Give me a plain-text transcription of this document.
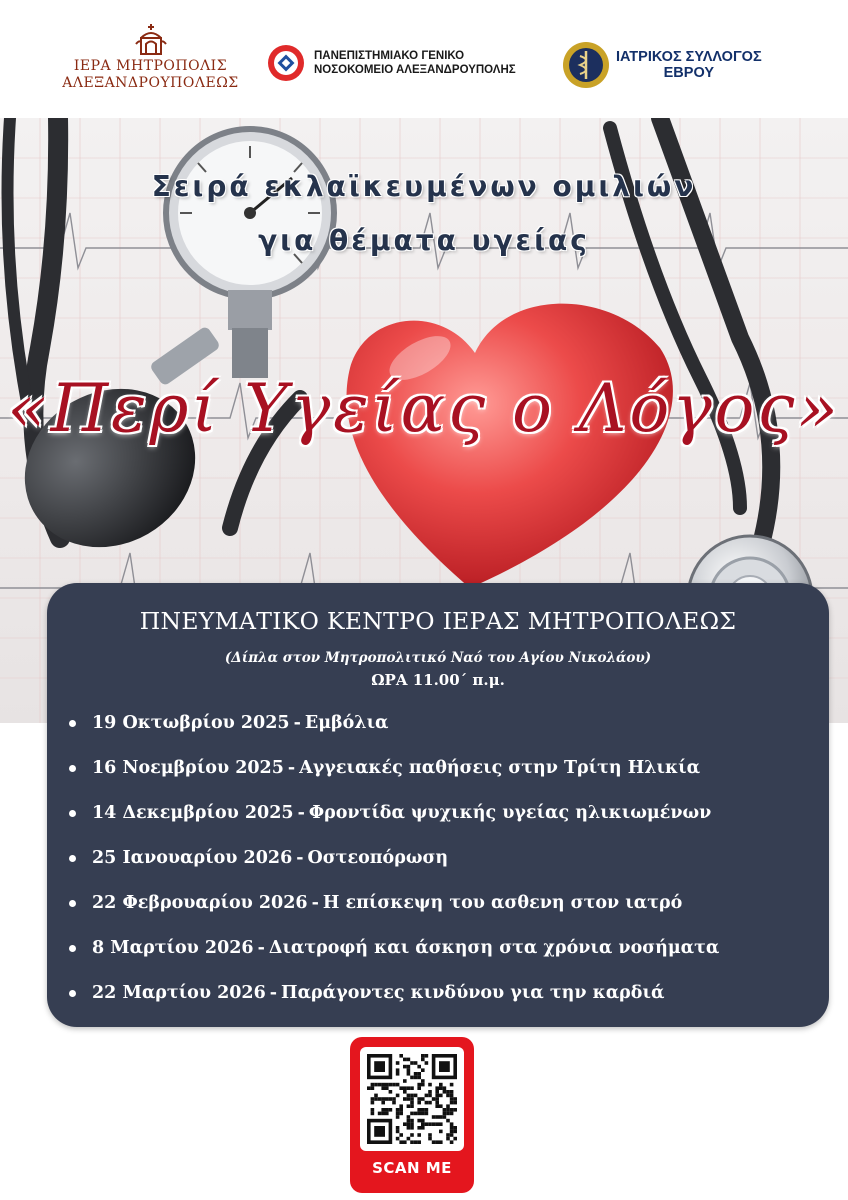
ΙΕΡΑ ΜΗΤΡΟΠΟΛΙΣ
ΑΛΕΞΑΝΔΡΟΥΠΟΛΕΩΣ
ΠΑΝΕΠΙΣΤΗΜΙΑΚΟ ΓΕΝΙΚΟ
ΝΟΣΟΚΟΜΕΙΟ ΑΛΕΞΑΝΔΡΟΥΠΟΛΗΣ
ΙΑΤΡΙΚΟΣ ΣΥΛΛΟΓΟΣ
ΕΒΡΟΥ
Σειρά εκλαϊκευμένων ομιλιών
για θέματα υγείας
«Περί Υγείας ο Λόγος»
ΠΝΕΥΜΑΤΙΚΟ ΚΕΝΤΡΟ ΙΕΡΑΣ ΜΗΤΡΟΠΟΛΕΩΣ
(Δίπλα στον Μητροπολιτικό Ναό του Αγίου Νικολάου)
ΩΡΑ 11.00΄ π.μ.
19 Οκτωβρίου 2025 - Εμβόλια
16 Νοεμβρίου 2025 - Αγγειακές παθήσεις στην Τρίτη Ηλικία
14 Δεκεμβρίου 2025 - Φροντίδα ψυχικής υγείας ηλικιωμένων
25 Ιανουαρίου 2026 - Οστεοπόρωση
22 Φεβρουαρίου 2026 - Η επίσκεψη του ασθενη στον ιατρό
8 Μαρτίου 2026 - Διατροφή και άσκηση στα χρόνια νοσήματα
22 Μαρτίου 2026 - Παράγοντες κινδύνου για την καρδιά
SCAN ME
